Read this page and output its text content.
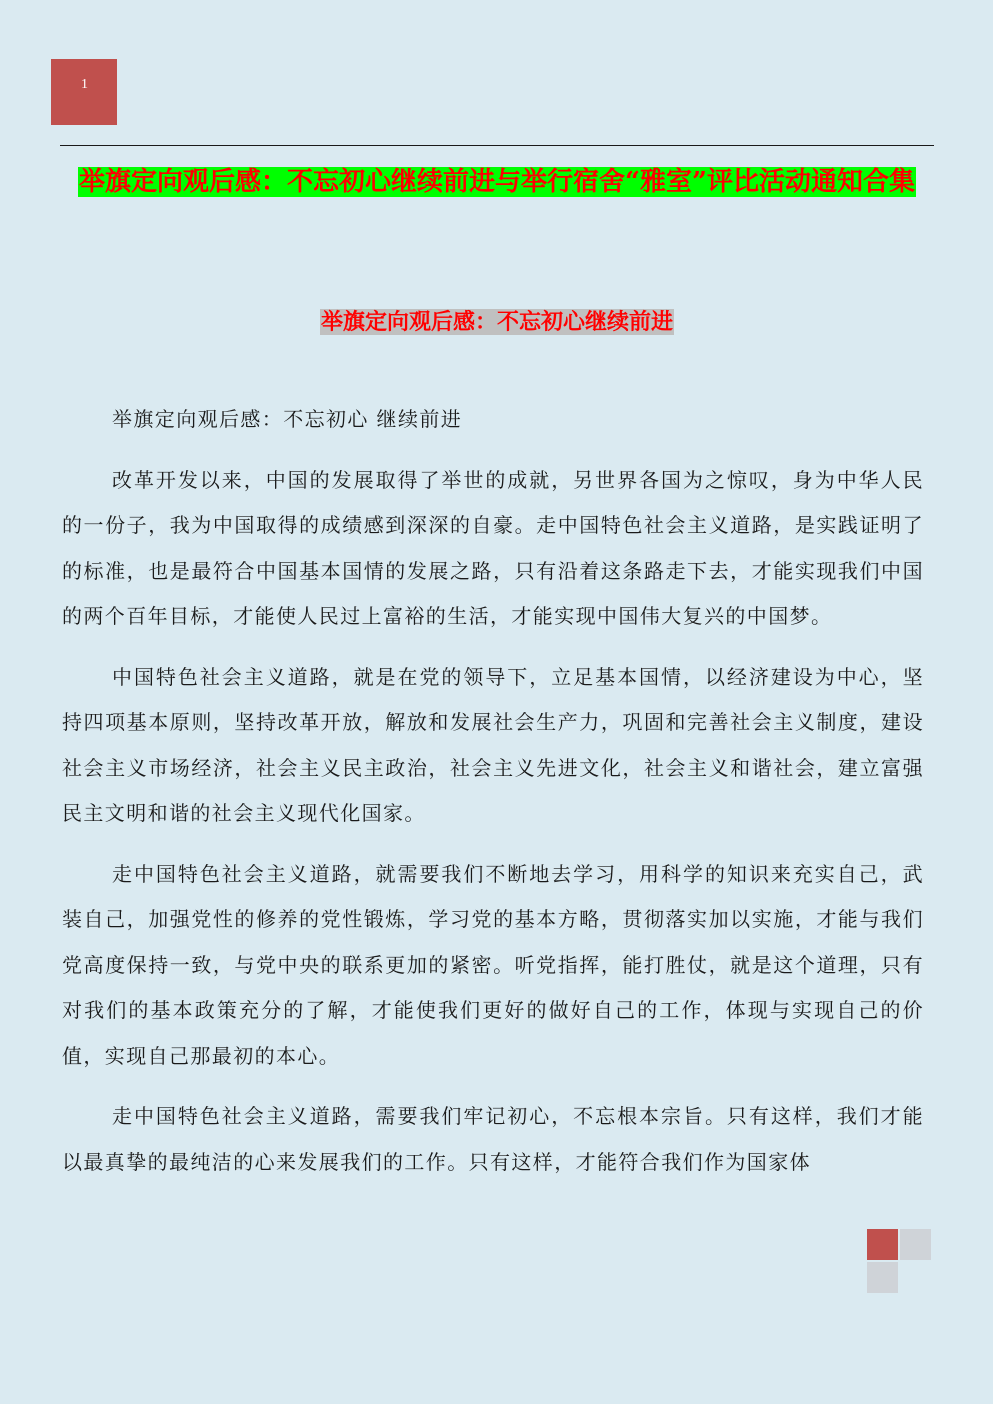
1
举旗定向观后感：不忘初心继续前进与举行宿舍“雅室”评比活动通知合集
举旗定向观后感：不忘初心继续前进

举旗定向观后感：不忘初心 继续前进

改革开发以来，中国的发展取得了举世的成就，另世界各国为之惊叹，身为中华人民的一份子，我为中国取得的成绩感到深深的自豪。走中国特色社会主义道路，是实践证明了的标准，也是最符合中国基本国情的发展之路，只有沿着这条路走下去，才能实现我们中国的两个百年目标，才能使人民过上富裕的生活，才能实现中国伟大复兴的中国梦。

中国特色社会主义道路，就是在党的领导下，立足基本国情，以经济建设为中心，坚持四项基本原则，坚持改革开放，解放和发展社会生产力，巩固和完善社会主义制度，建设社会主义市场经济，社会主义民主政治，社会主义先进文化，社会主义和谐社会，建立富强民主文明和谐的社会主义现代化国家。

走中国特色社会主义道路，就需要我们不断地去学习，用科学的知识来充实自己，武装自己，加强党性的修养的党性锻炼，学习党的基本方略，贯彻落实加以实施，才能与我们党高度保持一致，与党中央的联系更加的紧密。听党指挥，能打胜仗，就是这个道理，只有对我们的基本政策充分的了解，才能使我们更好的做好自己的工作，体现与实现自己的价值，实现自己那最初的本心。

走中国特色社会主义道路，需要我们牢记初心，不忘根本宗旨。只有这样，我们才能以最真挚的最纯洁的心来发展我们的工作。只有这样，才能符合我们作为国家体
